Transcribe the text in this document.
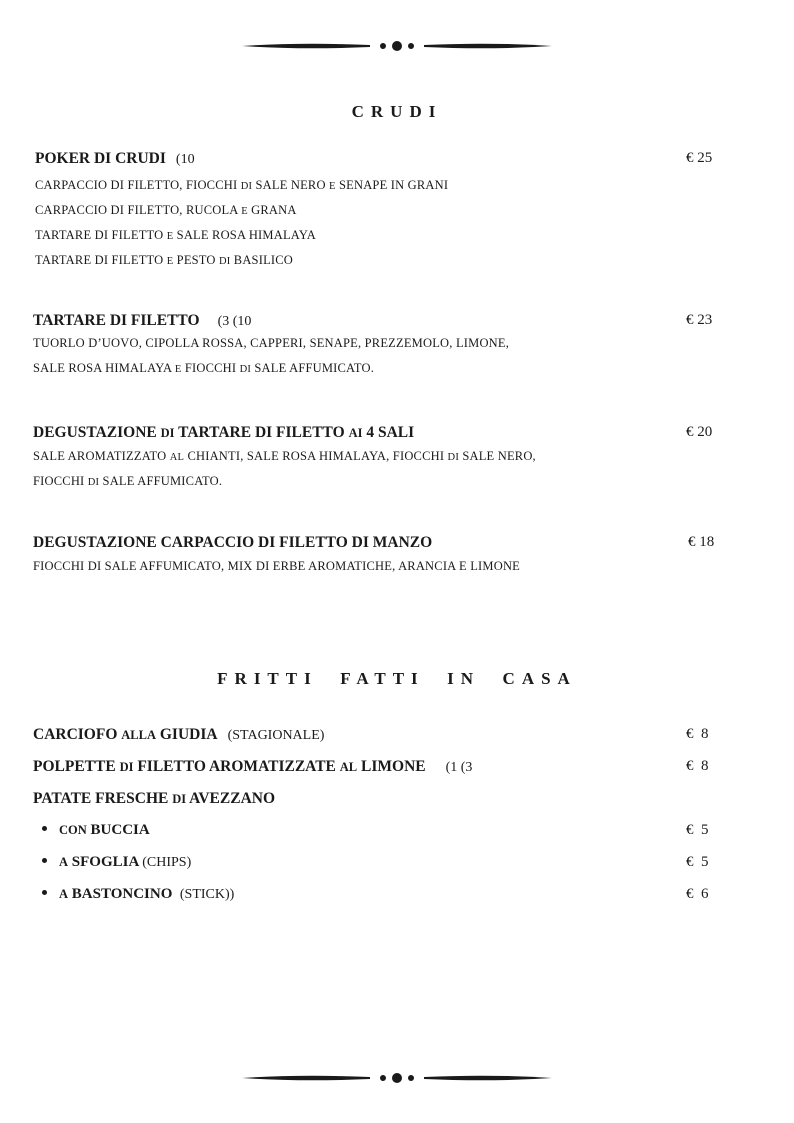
CRUDI
POKER DI CRUDI (10	€ 25
CARPACCIO DI FILETTO, FIOCCHI DI SALE NERO E SENAPE IN GRANI
CARPACCIO DI FILETTO, RUCOLA E GRANA
TARTARE DI FILETTO E SALE ROSA HIMALAYA
TARTARE DI FILETTO E PESTO DI BASILICO
TARTARE DI FILETTO (3 (10	€ 23
TUORLO D’UOVO, CIPOLLA ROSSA, CAPPERI, SENAPE, PREZZEMOLO, LIMONE,
SALE ROSA HIMALAYA E FIOCCHI DI SALE AFFUMICATO.
DEGUSTAZIONE DI TARTARE DI FILETTO AI 4 SALI	€ 20
SALE AROMATIZZATO AL CHIANTI, SALE ROSA HIMALAYA, FIOCCHI DI SALE NERO,
FIOCCHI DI SALE AFFUMICATO.
DEGUSTAZIONE CARPACCIO DI FILETTO DI MANZO	€ 18
FIOCCHI DI SALE AFFUMICATO, MIX DI ERBE AROMATICHE, ARANCIA E LIMONE
FRITTI  FATTI  IN  CASA
CARCIOFO ALLA GIUDIA (STAGIONALE)	€  8
POLPETTE DI FILETTO AROMATIZZATE AL LIMONE (1 (3	€  8
PATATE FRESCHE DI AVEZZANO
CON BUCCIA	€  5
A SFOGLIA (CHIPS)	€  5
A BASTONCINO (STICK))	€  6
